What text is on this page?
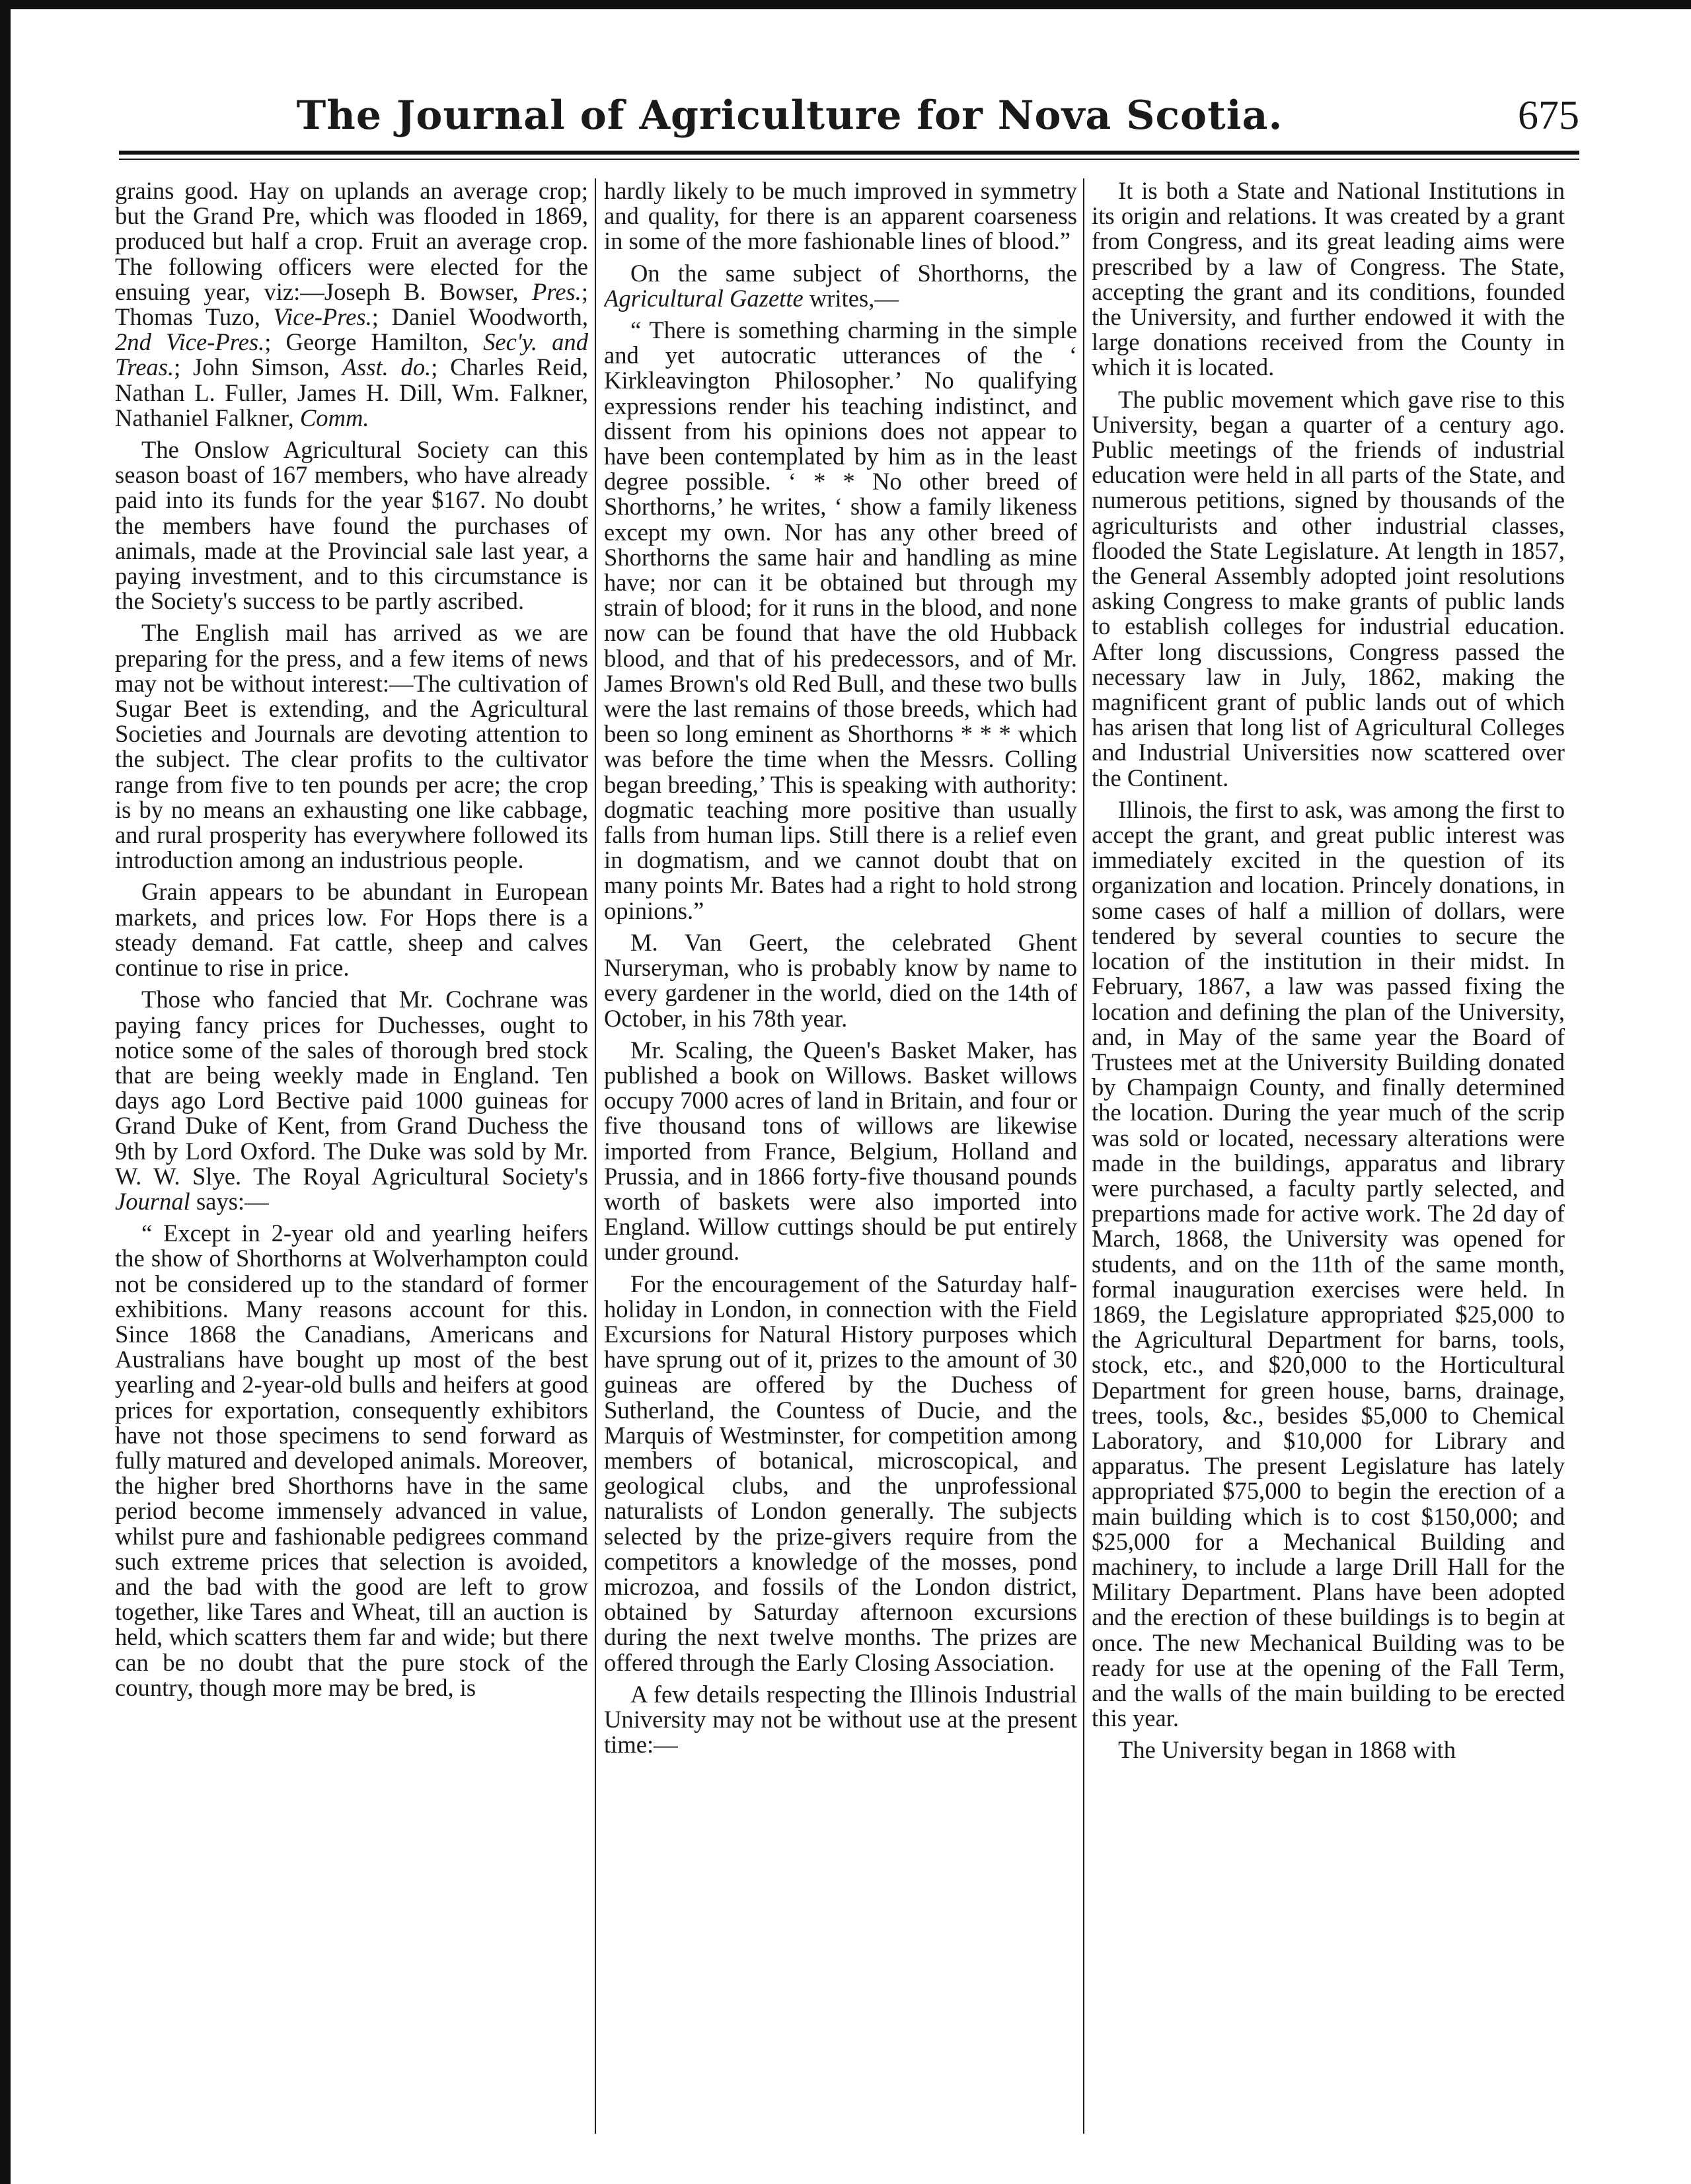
The Journal of Agriculture for Nova Scotia.	675

grains good. Hay on uplands an average crop; but the Grand Pre, which was flooded in 1869, produced but half a crop. Fruit an average crop. The following officers were elected for the ensuing year, viz:—Joseph B. Bowser, Pres.; Thomas Tuzo, Vice-Pres.; Daniel Woodworth, 2nd Vice-Pres.; George Hamilton, Sec'y. and Treas.; John Simson, Asst. do.; Charles Reid, Nathan L. Fuller, James H. Dill, Wm. Falkner, Nathaniel Falkner, Comm.

The Onslow Agricultural Society can this season boast of 167 members, who have already paid into its funds for the year $167. No doubt the members have found the purchases of animals, made at the Provincial sale last year, a paying investment, and to this circumstance is the Society's success to be partly ascribed.

The English mail has arrived as we are preparing for the press, and a few items of news may not be without interest:—The cultivation of Sugar Beet is extending, and the Agricultural Societies and Journals are devoting attention to the subject. The clear profits to the cultivator range from five to ten pounds per acre; the crop is by no means an exhausting one like cabbage, and rural prosperity has everywhere followed its introduction among an industrious people.

Grain appears to be abundant in European markets, and prices low. For Hops there is a steady demand. Fat cattle, sheep and calves continue to rise in price.

Those who fancied that Mr. Cochrane was paying fancy prices for Duchesses, ought to notice some of the sales of thorough bred stock that are being weekly made in England. Ten days ago Lord Bective paid 1000 guineas for Grand Duke of Kent, from Grand Duchess the 9th by Lord Oxford. The Duke was sold by Mr. W. W. Slye. The Royal Agricultural Society's Journal says:—

“ Except in 2-year old and yearling heifers the show of Shorthorns at Wolverhampton could not be considered up to the standard of former exhibitions. Many reasons account for this. Since 1868 the Canadians, Americans and Australians have bought up most of the best yearling and 2-year-old bulls and heifers at good prices for exportation, consequently exhibitors have not those specimens to send forward as fully matured and developed animals. Moreover, the higher bred Shorthorns have in the same period become immensely advanced in value, whilst pure and fashionable pedigrees command such extreme prices that selection is avoided, and the bad with the good are left to grow together, like Tares and Wheat, till an auction is held, which scatters them far and wide; but there can be no doubt that the pure stock of the country, though more may be bred, is

hardly likely to be much improved in symmetry and quality, for there is an apparent coarseness in some of the more fashionable lines of blood.”

On the same subject of Shorthorns, the Agricultural Gazette writes,—

“ There is something charming in the simple and yet autocratic utterances of the ‘ Kirkleavington Philosopher.’ No qualifying expressions render his teaching indistinct, and dissent from his opinions does not appear to have been contemplated by him as in the least degree possible. ‘ * * No other breed of Shorthorns,’ he writes, ‘ show a family likeness except my own. Nor has any other breed of Shorthorns the same hair and handling as mine have; nor can it be obtained but through my strain of blood; for it runs in the blood, and none now can be found that have the old Hubback blood, and that of his predecessors, and of Mr. James Brown's old Red Bull, and these two bulls were the last remains of those breeds, which had been so long eminent as Shorthorns * * * which was before the time when the Messrs. Colling began breeding,’ This is speaking with authority: dogmatic teaching more positive than usually falls from human lips. Still there is a relief even in dogmatism, and we cannot doubt that on many points Mr. Bates had a right to hold strong opinions.”

M. Van Geert, the celebrated Ghent Nurseryman, who is probably know by name to every gardener in the world, died on the 14th of October, in his 78th year.

Mr. Scaling, the Queen's Basket Maker, has published a book on Willows. Basket willows occupy 7000 acres of land in Britain, and four or five thousand tons of willows are likewise imported from France, Belgium, Holland and Prussia, and in 1866 forty-five thousand pounds worth of baskets were also imported into England. Willow cuttings should be put entirely under ground.

For the encouragement of the Saturday half-holiday in London, in connection with the Field Excursions for Natural History purposes which have sprung out of it, prizes to the amount of 30 guineas are offered by the Duchess of Sutherland, the Countess of Ducie, and the Marquis of Westminster, for competition among members of botanical, microscopical, and geological clubs, and the unprofessional naturalists of London generally. The subjects selected by the prize-givers require from the competitors a knowledge of the mosses, pond microzoa, and fossils of the London district, obtained by Saturday afternoon excursions during the next twelve months. The prizes are offered through the Early Closing Association.

A few details respecting the Illinois Industrial University may not be without use at the present time:—

It is both a State and National Institutions in its origin and relations. It was created by a grant from Congress, and its great leading aims were prescribed by a law of Congress. The State, accepting the grant and its conditions, founded the University, and further endowed it with the large donations received from the County in which it is located.

The public movement which gave rise to this University, began a quarter of a century ago. Public meetings of the friends of industrial education were held in all parts of the State, and numerous petitions, signed by thousands of the agriculturists and other industrial classes, flooded the State Legislature. At length in 1857, the General Assembly adopted joint resolutions asking Congress to make grants of public lands to establish colleges for industrial education. After long discussions, Congress passed the necessary law in July, 1862, making the magnificent grant of public lands out of which has arisen that long list of Agricultural Colleges and Industrial Universities now scattered over the Continent.

Illinois, the first to ask, was among the first to accept the grant, and great public interest was immediately excited in the question of its organization and location. Princely donations, in some cases of half a million of dollars, were tendered by several counties to secure the location of the institution in their midst. In February, 1867, a law was passed fixing the location and defining the plan of the University, and, in May of the same year the Board of Trustees met at the University Building donated by Champaign County, and finally determined the location. During the year much of the scrip was sold or located, necessary alterations were made in the buildings, apparatus and library were purchased, a faculty partly selected, and prepartions made for active work. The 2d day of March, 1868, the University was opened for students, and on the 11th of the same month, formal inauguration exercises were held. In 1869, the Legislature appropriated $25,000 to the Agricultural Department for barns, tools, stock, etc., and $20,000 to the Horticultural Department for green house, barns, drainage, trees, tools, &c., besides $5,000 to Chemical Laboratory, and $10,000 for Library and apparatus. The present Legislature has lately appropriated $75,000 to begin the erection of a main building which is to cost $150,000; and $25,000 for a Mechanical Building and machinery, to include a large Drill Hall for the Military Department. Plans have been adopted and the erection of these buildings is to begin at once. The new Mechanical Building was to be ready for use at the opening of the Fall Term, and the walls of the main building to be erected this year.

The University began in 1868 with
